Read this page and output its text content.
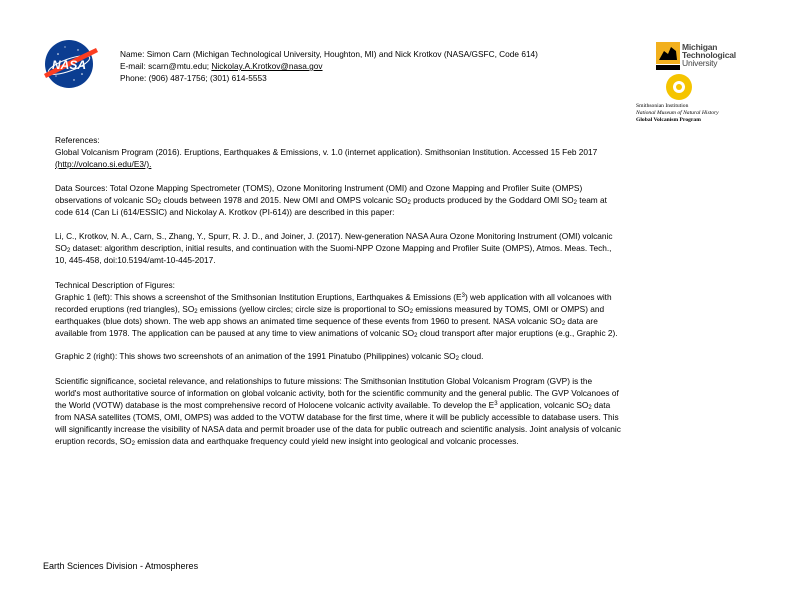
NASA
Name: Simon Carn (Michigan Technological University, Houghton, MI) and Nick Krotkov (NASA/GSFC, Code 614)
E-mail: scarn@mtu.edu; Nickolay.A.Krotkov@nasa.gov
Phone: (906) 487-1756; (301) 614-5553
Michigan
Technological
University
Smithsonian Institution
National Museum of Natural History
Global Volcanism Program
References:
Global Volcanism Program (2016). Eruptions, Earthquakes & Emissions, v. 1.0 (internet application). Smithsonian Institution. Accessed 15 Feb 2017
(http://volcano.si.edu/E3/).
Data Sources: Total Ozone Mapping Spectrometer (TOMS), Ozone Monitoring Instrument (OMI) and Ozone Mapping and Profiler Suite (OMPS)
observations of volcanic $SO_2$ clouds between 1978 and 2015. New OMI and OMPS volcanic $SO_2$ products produced by the Goddard OMI $SO_2$ team at
code 614 (Can Li (614/ESSIC) and Nickolay A. Krotkov (PI-614)) are described in this paper:
Li, C., Krotkov, N. A., Carn, S., Zhang, Y., Spurr, R. J. D., and Joiner, J. (2017). New-generation NASA Aura Ozone Monitoring Instrument (OMI) volcanic
$SO_2$ dataset: algorithm description, initial results, and continuation with the Suomi-NPP Ozone Mapping and Profiler Suite (OMPS), Atmos. Meas. Tech.,
10, 445-458, doi:10.5194/amt-10-445-2017.
Technical Description of Figures:
Graphic 1 (left): This shows a screenshot of the Smithsonian Institution Eruptions, Earthquakes & Emissions $(E^3)$ web application with all volcanoes with
recorded eruptions (red triangles), $SO_2$ emissions (yellow circles; circle size is proportional to $SO_2$ emissions measured by TOMS, OMI or OMPS) and
earthquakes (blue dots) shown. The web app shows an animated time sequence of these events from 1960 to present. NASA volcanic $SO_2$ data are
available from 1978. The application can be paused at any time to view animations of volcanic $SO_2$ cloud transport after major eruptions (e.g., Graphic 2).
Graphic 2 (right): This shows two screenshots of an animation of the 1991 Pinatubo (Philippines) volcanic $SO_2$ cloud.
Scientific significance, societal relevance, and relationships to future missions: The Smithsonian Institution Global Volcanism Program (GVP) is the
world's most authoritative source of information on global volcanic activity, both for the scientific community and the general public. The GVP Volcanoes of
the World (VOTW) database is the most comprehensive record of Holocene volcanic activity available. To develop the $E^3$ application, volcanic $SO_2$ data
from NASA satellites (TOMS, OMI, OMPS) was added to the VOTW database for the first time, where it will be publicly accessible to database users. This
will significantly increase the visibility of NASA data and permit broader use of the data for public outreach and scientific analysis. Joint analysis of volcanic
eruption records, $SO_2$ emission data and earthquake frequency could yield new insight into geological and volcanic processes.
Earth Sciences Division - Atmospheres
